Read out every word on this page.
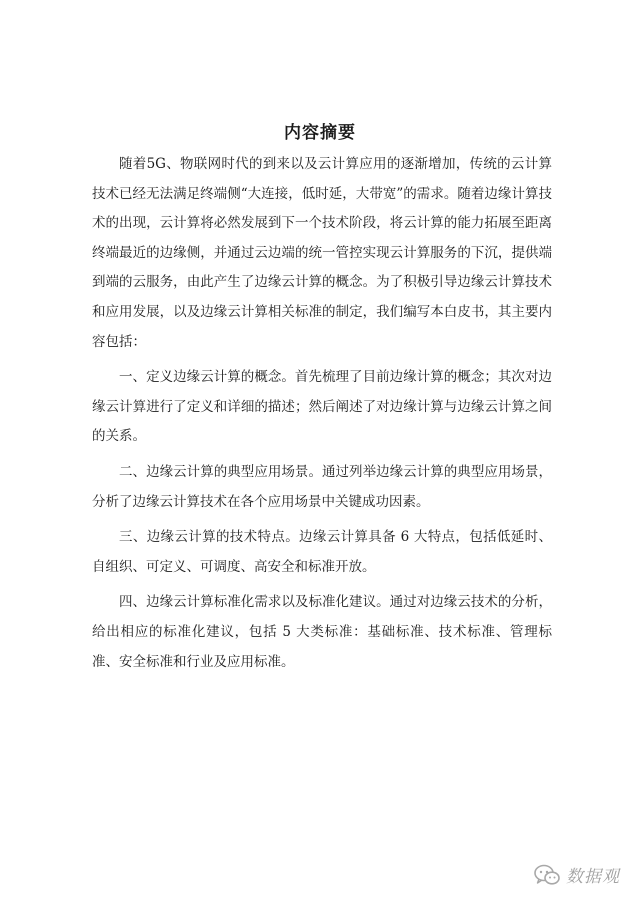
内容摘要

随着5G、物联网时代的到来以及云计算应用的逐渐增加，传统的云计算技术已经无法满足终端侧“大连接，低时延，大带宽”的需求。随着边缘计算技术的出现，云计算将必然发展到下一个技术阶段，将云计算的能力拓展至距离终端最近的边缘侧，并通过云边端的统一管控实现云计算服务的下沉，提供端到端的云服务，由此产生了边缘云计算的概念。为了积极引导边缘云计算技术和应用发展，以及边缘云计算相关标准的制定，我们编写本白皮书，其主要内容包括：

一、定义边缘云计算的概念。首先梳理了目前边缘计算的概念；其次对边缘云计算进行了定义和详细的描述；然后阐述了对边缘计算与边缘云计算之间的关系。

二、边缘云计算的典型应用场景。通过列举边缘云计算的典型应用场景，分析了边缘云计算技术在各个应用场景中关键成功因素。

三、边缘云计算的技术特点。边缘云计算具备 6 大特点，包括低延时、自组织、可定义、可调度、高安全和标准开放。

四、边缘云计算标准化需求以及标准化建议。通过对边缘云技术的分析，给出相应的标准化建议，包括 5 大类标准：基础标准、技术标准、管理标准、安全标准和行业及应用标准。

数据观
